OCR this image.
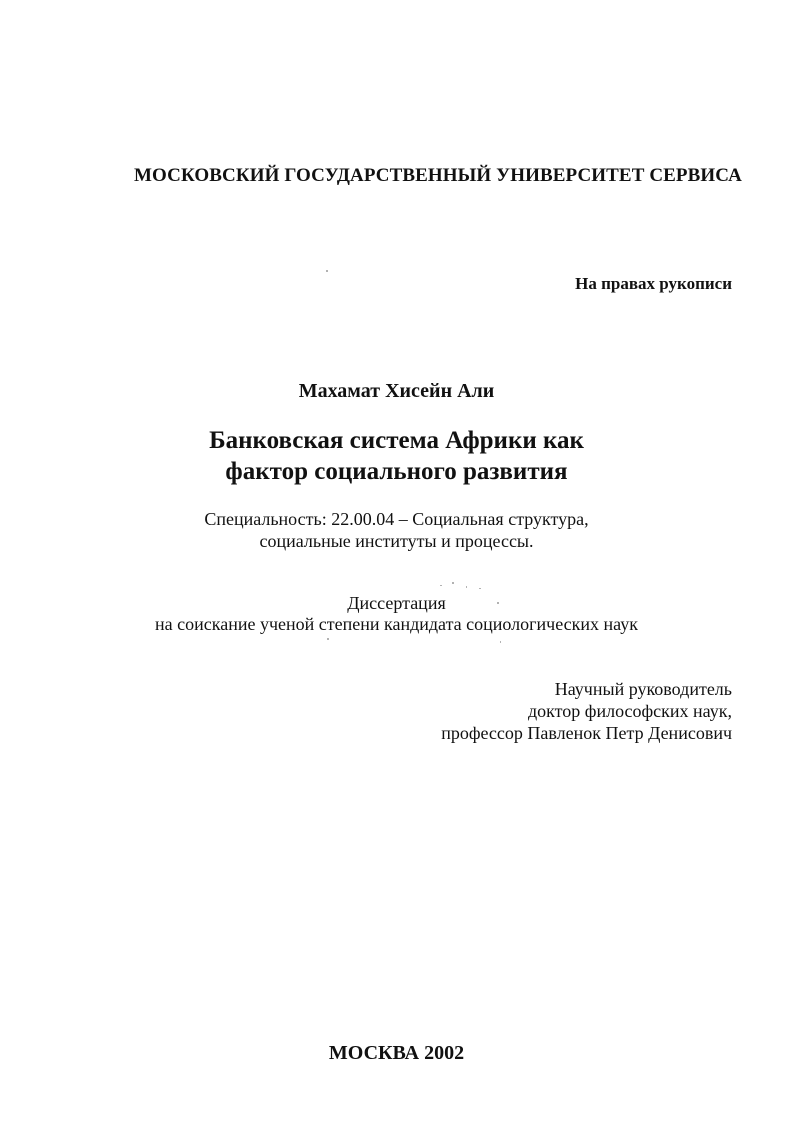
МОСКОВСКИЙ ГОСУДАРСТВЕННЫЙ УНИВЕРСИТЕТ СЕРВИСА
На правах рукописи
Махамат Хисейн Али
Банковская система Африки как
фактор социального развития
Специальность: 22.00.04 – Социальная структура,
социальные институты и процессы.
Диссертация
на соискание ученой степени кандидата социологических наук
Научный руководитель
доктор философских наук,
профессор Павленок Петр Денисович
МОСКВА 2002
